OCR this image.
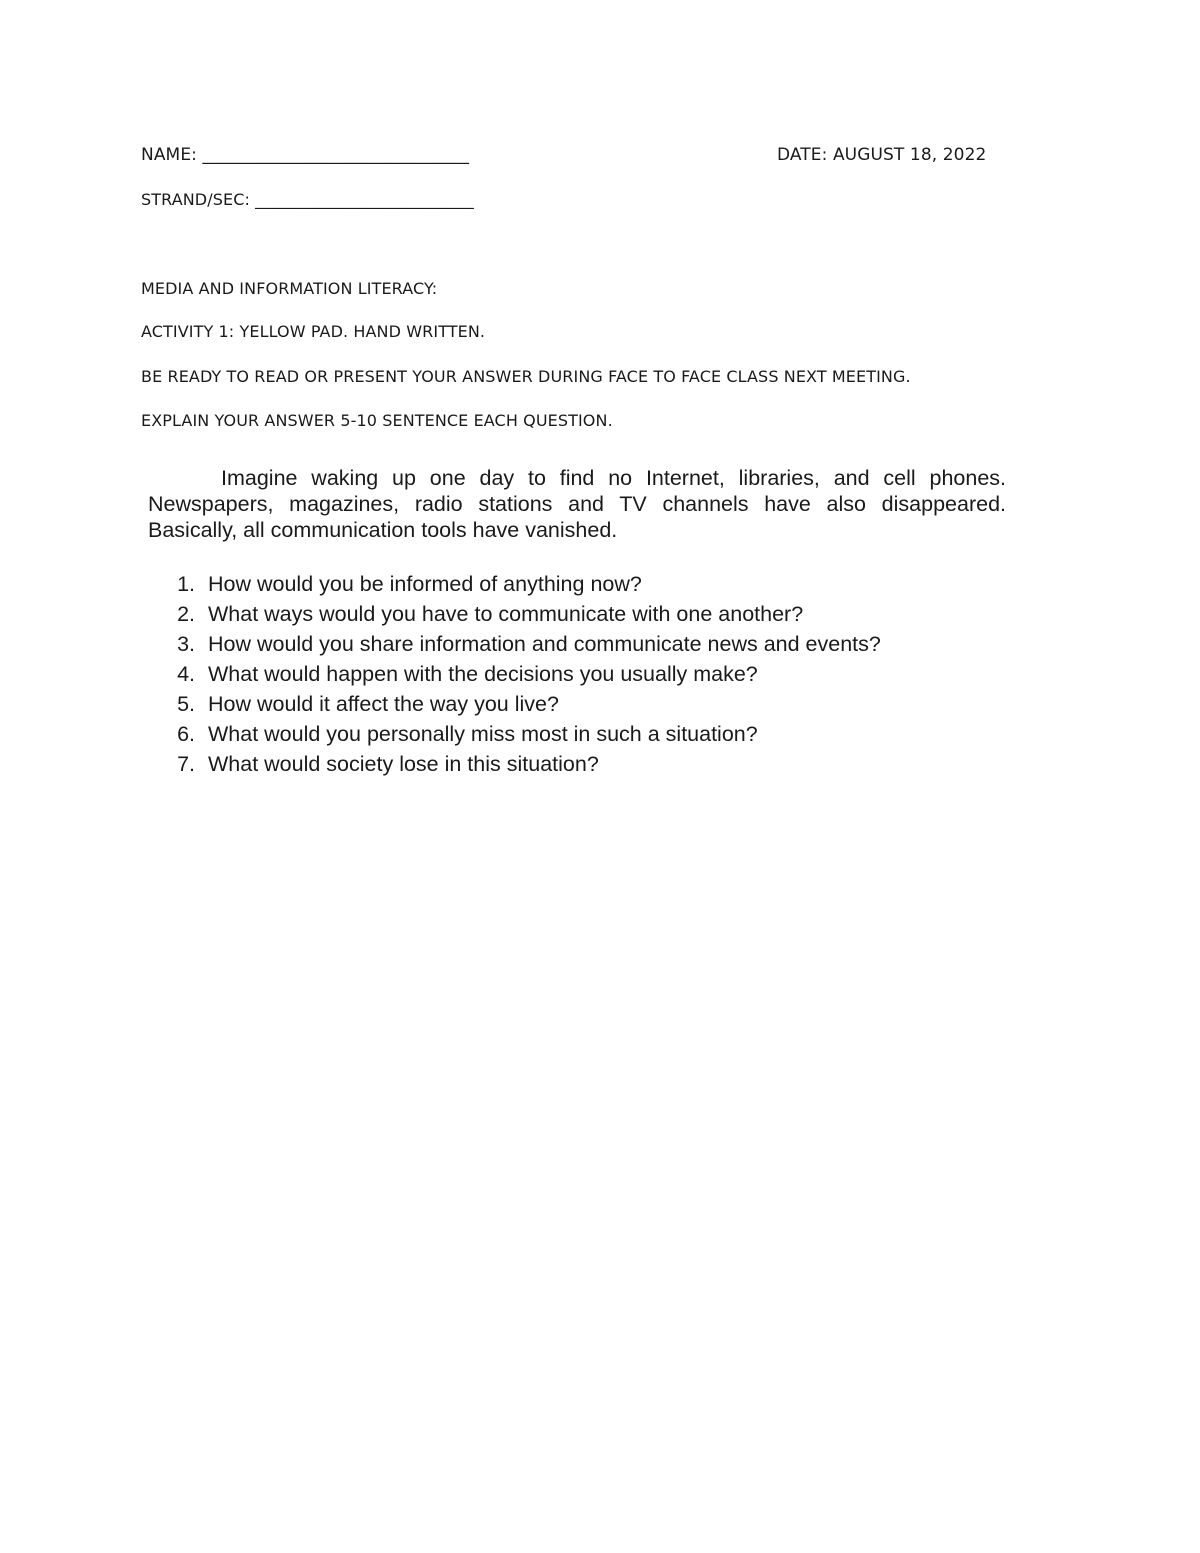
NAME: _______________________________	DATE: AUGUST 18, 2022
STRAND/SEC: ___________________________
MEDIA AND INFORMATION LITERACY:
ACTIVITY 1: YELLOW PAD. HAND WRITTEN.
BE READY TO READ OR PRESENT YOUR ANSWER DURING FACE TO FACE CLASS NEXT MEETING.
EXPLAIN YOUR ANSWER 5-10 SENTENCE EACH QUESTION.

Imagine waking up one day to find no Internet, libraries, and cell phones. Newspapers, magazines, radio stations and TV channels have also disappeared. Basically, all communication tools have vanished.

1. How would you be informed of anything now?
2. What ways would you have to communicate with one another?
3. How would you share information and communicate news and events?
4. What would happen with the decisions you usually make?
5. How would it affect the way you live?
6. What would you personally miss most in such a situation?
7. What would society lose in this situation?
